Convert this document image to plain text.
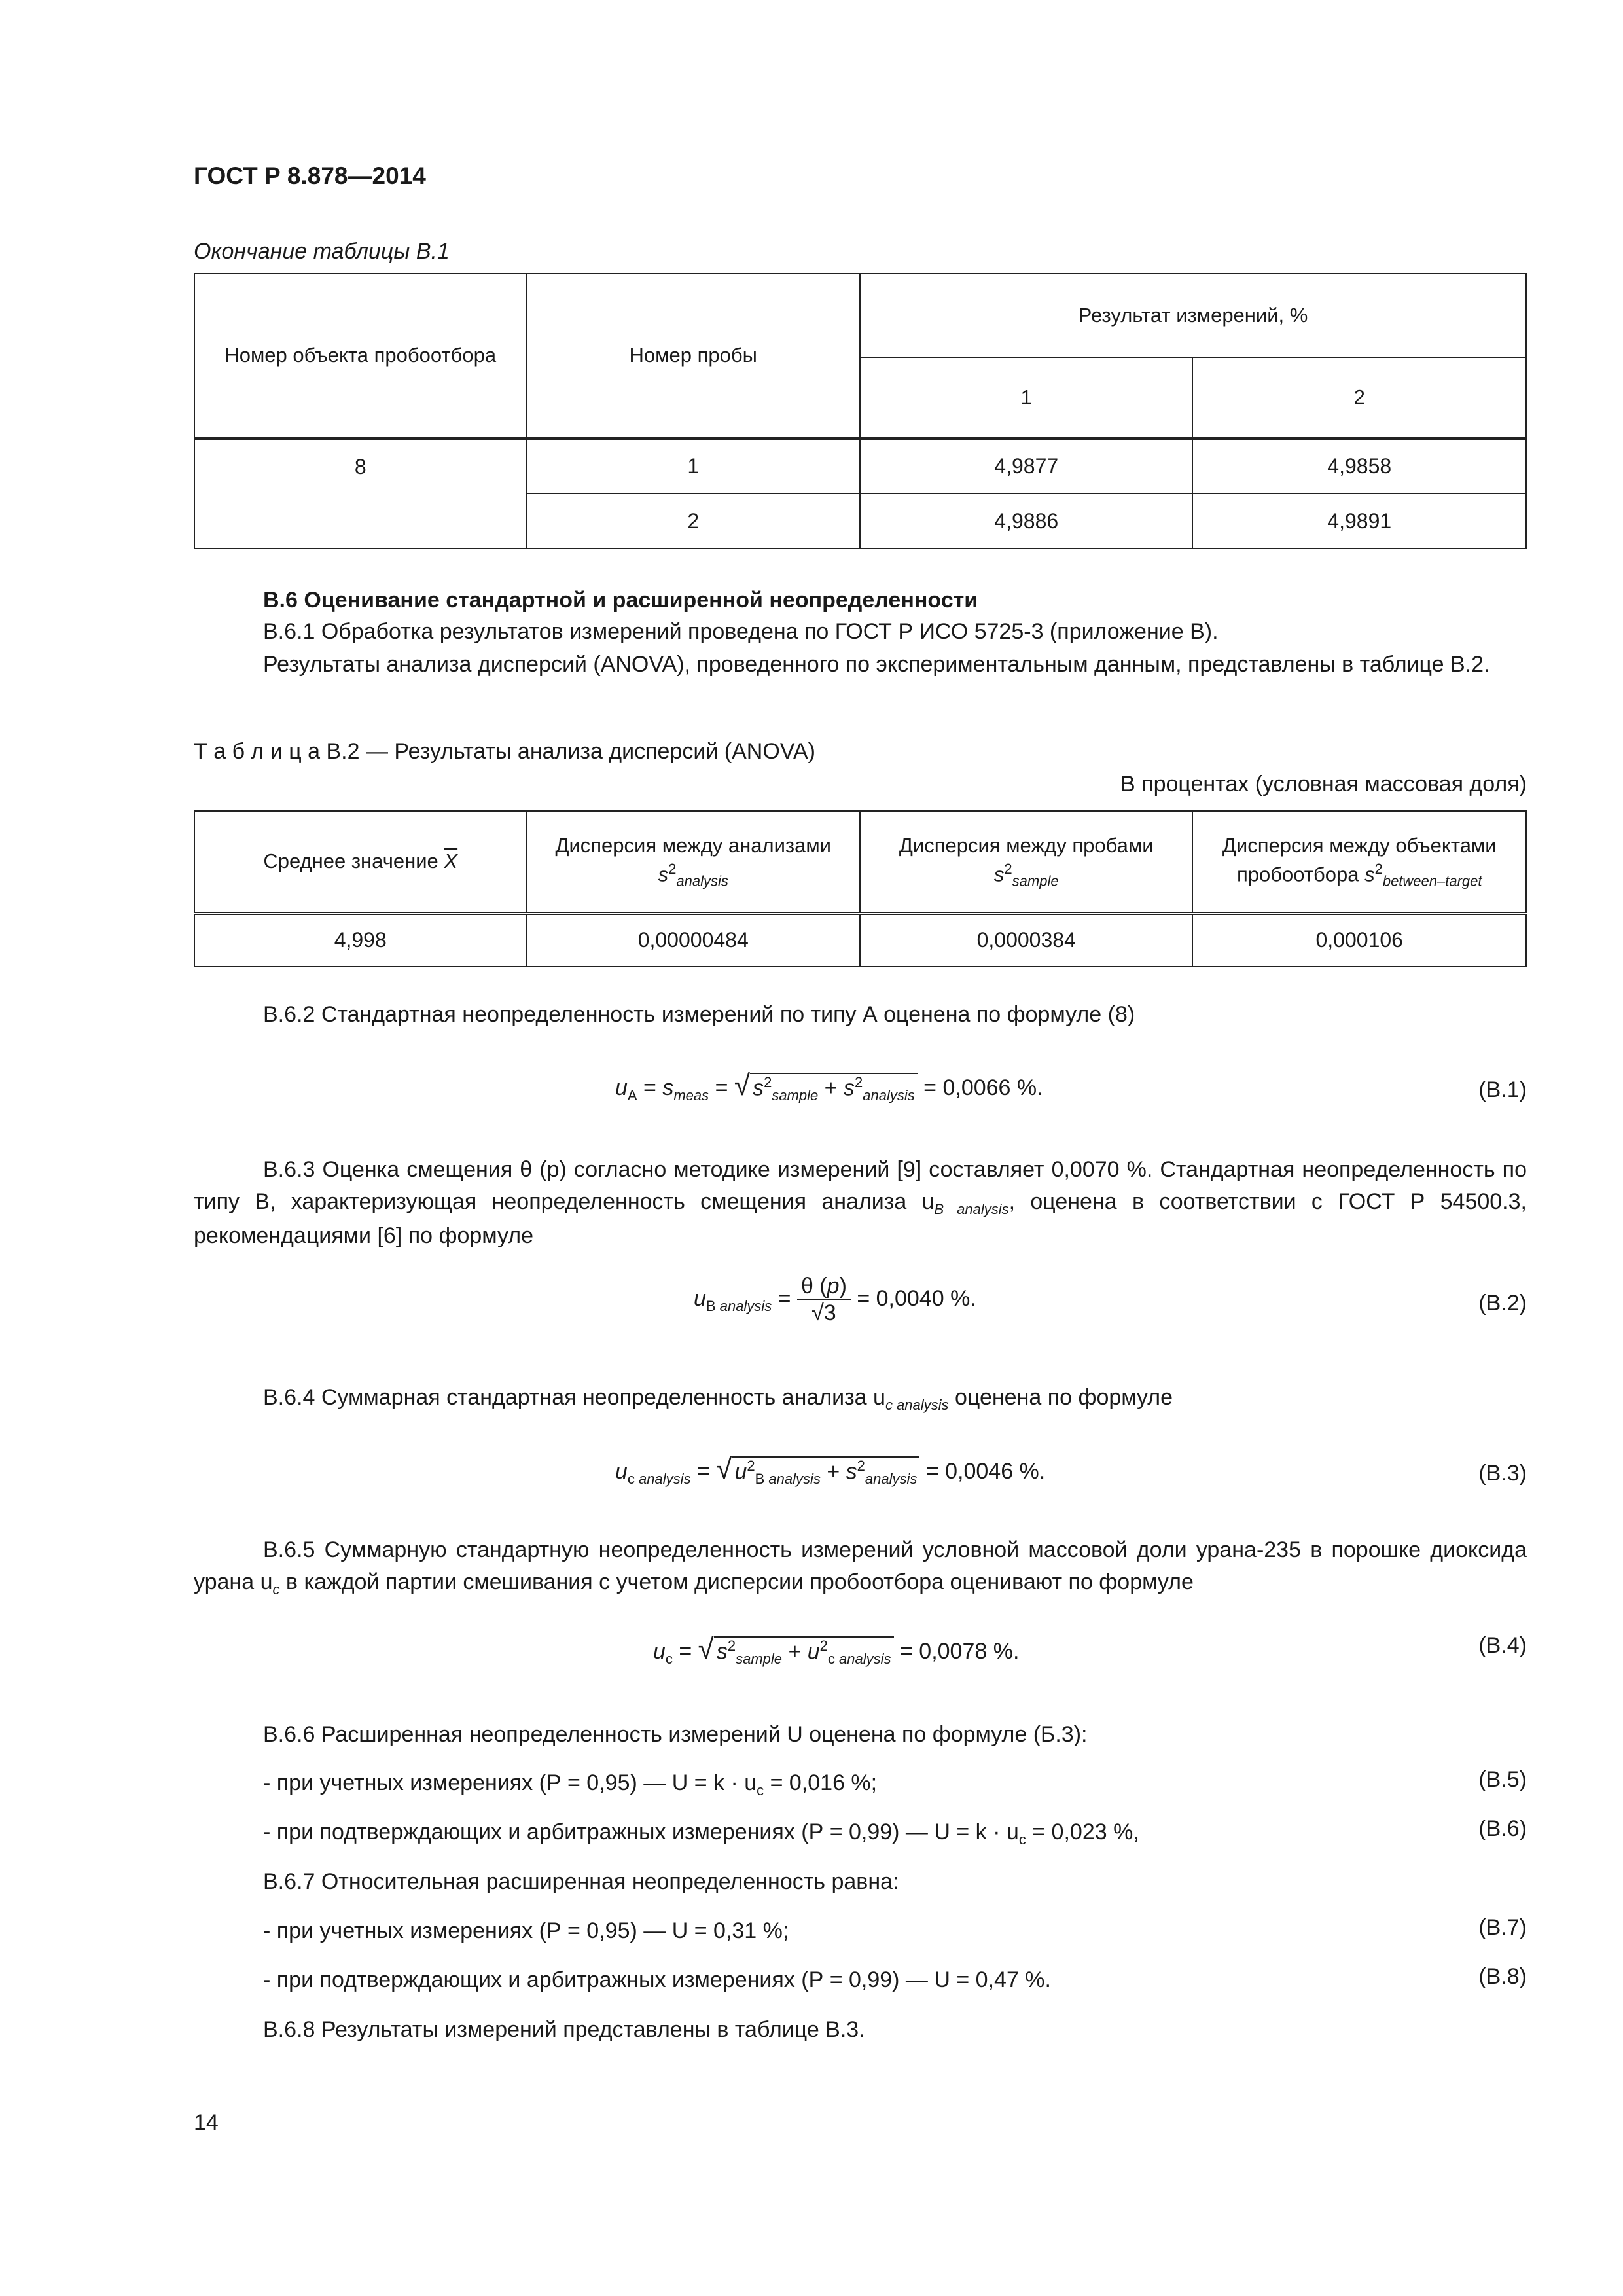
ГОСТ Р 8.878—2014
Окончание таблицы В.1
Номер объекта пробоотбора	Номер пробы	Результат измерений, %	
		1	2
8	1	4,9877	4,9858
	2	4,9886	4,9891
В.6 Оценивание стандартной и расширенной неопределенности
В.6.1 Обработка результатов измерений проведена по ГОСТ Р ИСО 5725-3 (приложение В).
Результаты анализа дисперсий (ANOVA), проведенного по экспериментальным данным, представлены в таблице В.2.
Т а б л и ц а В.2 — Результаты анализа дисперсий (ANOVA)
В процентах (условная массовая доля)
Среднее значение $\overline{X}$	Дисперсия между анализами $s^2_{analysis}$	Дисперсия между пробами $s^2_{sample}$	Дисперсия между объектами пробоотбора $s^2_{between-target}$
4,998	0,00000484	0,0000384	0,000106
В.6.2 Стандартная неопределенность измерений по типу А оценена по формуле (8)
$u_А = s_{meas}$ = √ $s^2_{sample} + s^2_{analysis} = 0,0066$ %.	(В.1)
В.6.3 Оценка смещения θ (р) согласно методике измерений [9] составляет 0,0070 %. Стандартная неопределенность по типу В, характеризующая неопределенность смещения анализа $u_{В analysis}$, оценена в соответствии с ГОСТ Р 54500.3, рекомендациями [6] по формуле
$u_{В analysis} = \frac{\theta (p)}{√3} = 0,0040$ %.	(В.2)
В.6.4 Суммарная стандартная неопределенность анализа $u_{с analysis}$ оценена по формуле
$u_{с analysis}$ = √ $u^2_{В analysis} + s^2_{analysis} = 0,0046$ %.	(В.3)
В.6.5 Суммарную стандартную неопределенность измерений условной массовой доли урана-235 в порошке диоксида урана $u_с$ в каждой партии смешивания с учетом дисперсии пробоотбора оценивают по формуле
$u_с$ = √ $s^2_{sample} + u^2_{с analysis} = 0,0078$ %.	(В.4)
В.6.6 Расширенная неопределенность измерений U оценена по формуле (Б.3):
- при учетных измерениях (Р = 0,95) — $U = k \cdot u_с = 0,016$ %;	(В.5)
- при подтверждающих и арбитражных измерениях (Р = 0,99) — $U = k \cdot u_с = 0,023$ %,	(В.6)
В.6.7 Относительная расширенная неопределенность равна:
- при учетных измерениях (Р = 0,95) — U = 0,31 %;	(В.7)
- при подтверждающих и арбитражных измерениях (Р = 0,99) — U = 0,47 %.	(В.8)
В.6.8 Результаты измерений представлены в таблице В.3.
14
